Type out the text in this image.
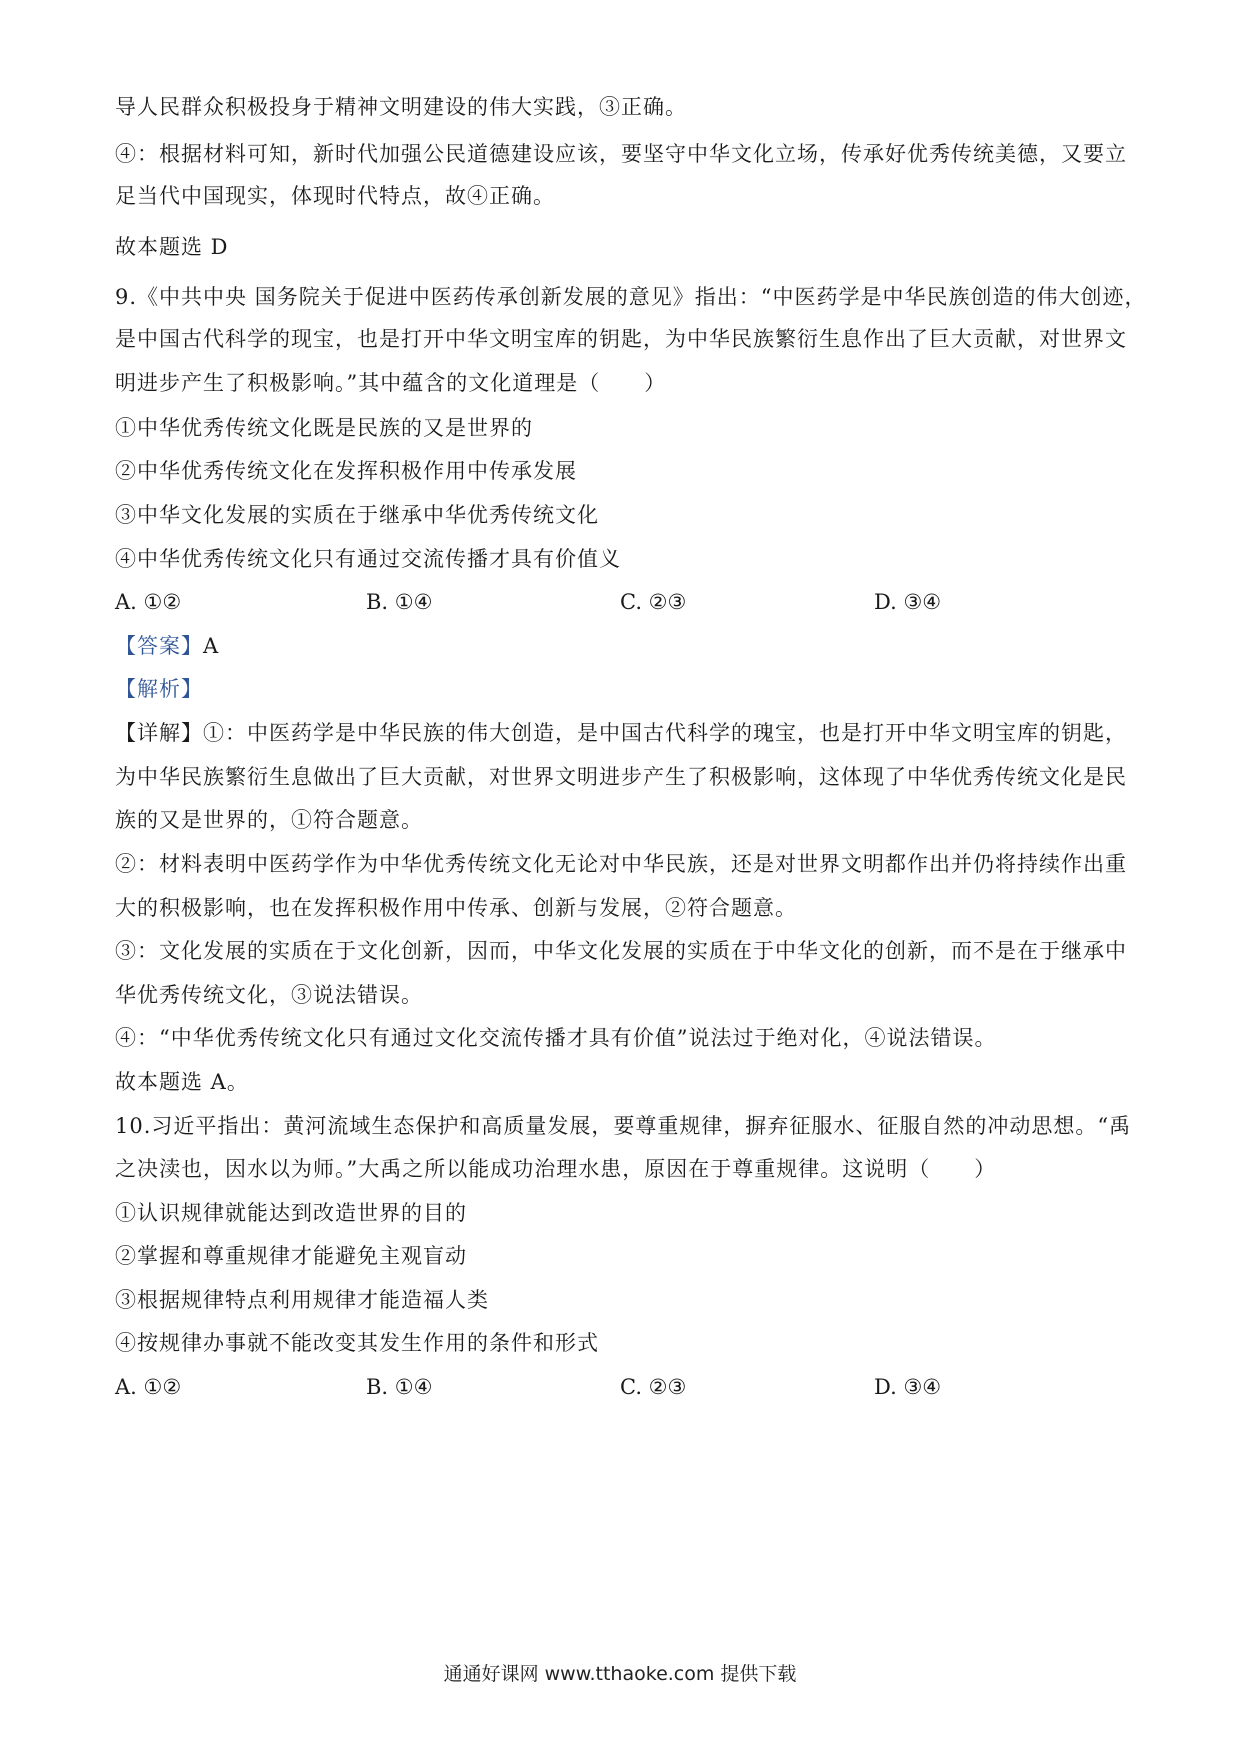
导人民群众积极投身于精神文明建设的伟大实践，③正确。
④：根据材料可知，新时代加强公民道德建设应该，要坚守中华文化立场，传承好优秀传统美德，又要立
足当代中国现实，体现时代特点，故④正确。
故本题选 D
9.《中共中央 国务院关于促进中医药传承创新发展的意见》指出：“中医药学是中华民族创造的伟大创迹，
是中国古代科学的现宝，也是打开中华文明宝库的钥匙，为中华民族繁衍生息作出了巨大贡献，对世界文
明进步产生了积极影响。”其中蕴含的文化道理是（　　）
①中华优秀传统文化既是民族的又是世界的
②中华优秀传统文化在发挥积极作用中传承发展
③中华文化发展的实质在于继承中华优秀传统文化
④中华优秀传统文化只有通过交流传播才具有价值义
A. ①②	B. ①④	C. ②③	D. ③④
【答案】A
【解析】
【详解】①：中医药学是中华民族的伟大创造，是中国古代科学的瑰宝，也是打开中华文明宝库的钥匙，
为中华民族繁衍生息做出了巨大贡献，对世界文明进步产生了积极影响，这体现了中华优秀传统文化是民
族的又是世界的，①符合题意。
②：材料表明中医药学作为中华优秀传统文化无论对中华民族，还是对世界文明都作出并仍将持续作出重
大的积极影响，也在发挥积极作用中传承、创新与发展，②符合题意。
③：文化发展的实质在于文化创新，因而，中华文化发展的实质在于中华文化的创新，而不是在于继承中
华优秀传统文化，③说法错误。
④：“中华优秀传统文化只有通过文化交流传播才具有价值”说法过于绝对化，④说法错误。
故本题选 A。
10.习近平指出：黄河流域生态保护和高质量发展，要尊重规律，摒弃征服水、征服自然的冲动思想。“禹
之决渎也，因水以为师。”大禹之所以能成功治理水患，原因在于尊重规律。这说明（　　）
①认识规律就能达到改造世界的目的
②掌握和尊重规律才能避免主观盲动
③根据规律特点利用规律才能造福人类
④按规律办事就不能改变其发生作用的条件和形式
A. ①②	B. ①④	C. ②③	D. ③④
通通好课网 www.tthaoke.com 提供下载
